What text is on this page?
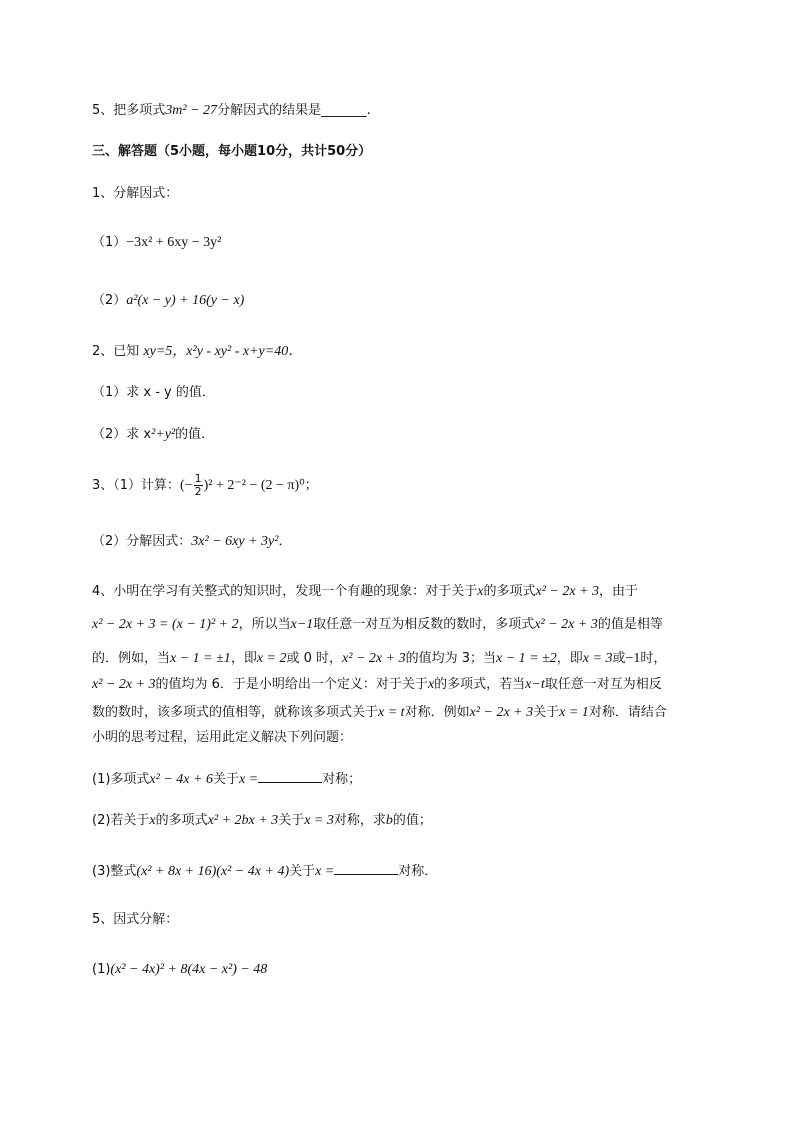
5、把多项式3m² − 27分解因式的结果是_______.
三、解答题（5小题，每小题10分，共计50分）
1、分解因式：
（1）−3x² + 6xy − 3y²
（2）a²(x − y) + 16(y − x)
2、已知 xy=5，x²y - xy² - x+y=40．
（1）求 x - y 的值．
（2）求 x²+y²的值．
3、（1）计算：(− $\frac{1}{2} )^2 + 2^{-2} - (2 - \pi)^0$；
（2）分解因式：3x² − 6xy + 3y²．
4、小明在学习有关整式的知识时，发现一个有趣的现象：对于关于x的多项式x² − 2x + 3，由于
x² − 2x + 3 = (x − 1)² + 2，所以当x−1取任意一对互为相反数的数时，多项式x² − 2x + 3的值是相等
的．例如，当x − 1 = ±1，即x = 2或 0 时，x² − 2x + 3的值均为 3；当x − 1 = ±2，即x = 3或−1时，
x² − 2x + 3的值均为 6．于是小明给出一个定义：对于关于x的多项式，若当x−t取任意一对互为相反
数的数时，该多项式的值相等，就称该多项式关于x = t对称．例如x² − 2x + 3关于x = 1对称．请结合
小明的思考过程，运用此定义解决下列问题：
(1)多项式x² − 4x + 6关于x =	对称；
(2)若关于x的多项式x² + 2bx + 3关于x = 3对称，求b的值；
(3)整式(x² + 8x + 16)(x² − 4x + 4)关于x =	对称．
5、因式分解：
(1)(x² − 4x)² + 8(4x − x²) − 48
